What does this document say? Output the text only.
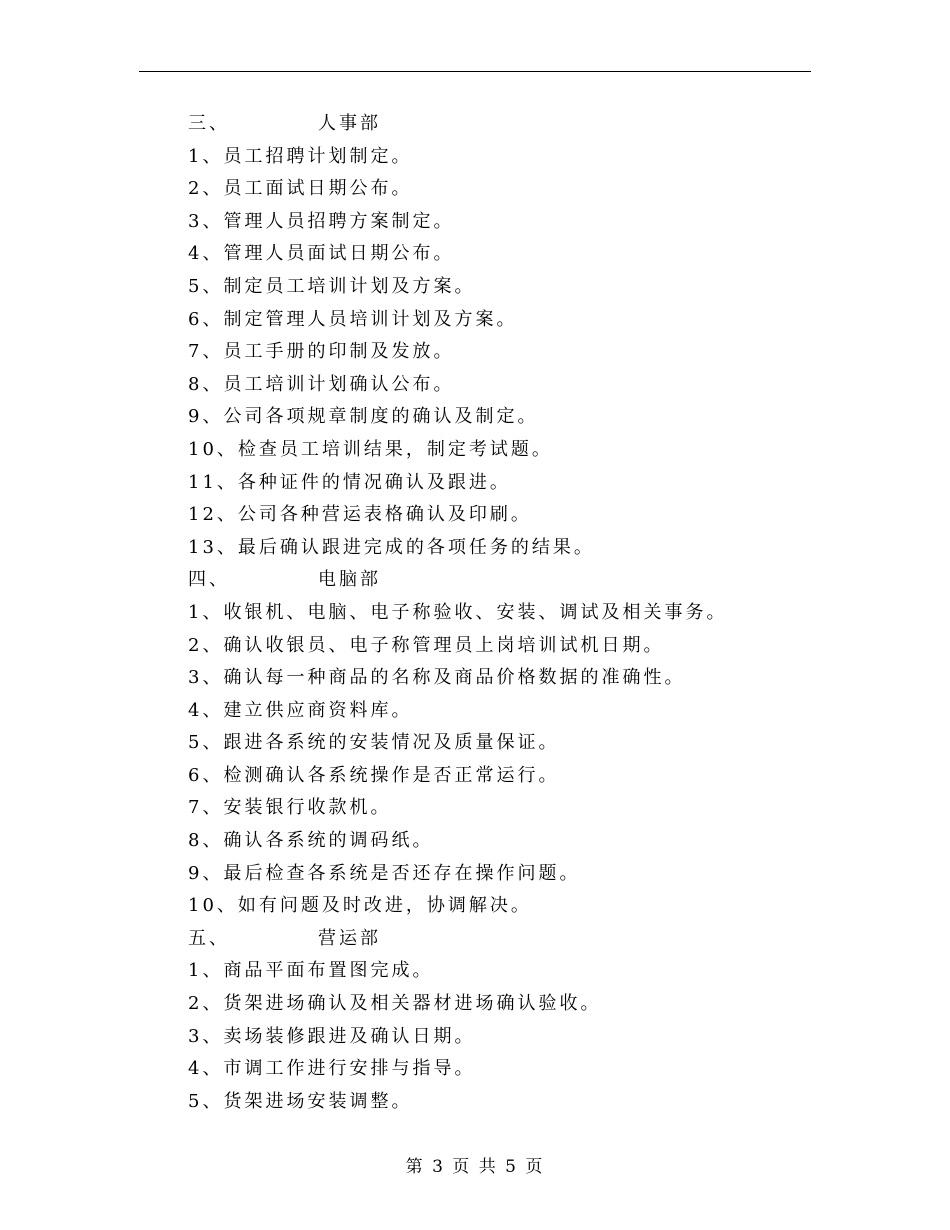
三、	人事部
1、员工招聘计划制定。
2、员工面试日期公布。
3、管理人员招聘方案制定。
4、管理人员面试日期公布。
5、制定员工培训计划及方案。
6、制定管理人员培训计划及方案。
7、员工手册的印制及发放。
8、员工培训计划确认公布。
9、公司各项规章制度的确认及制定。
10、检查员工培训结果，制定考试题。
11、各种证件的情况确认及跟进。
12、公司各种营运表格确认及印刷。
13、最后确认跟进完成的各项任务的结果。
四、	电脑部
1、收银机、电脑、电子称验收、安装、调试及相关事务。
2、确认收银员、电子称管理员上岗培训试机日期。
3、确认每一种商品的名称及商品价格数据的准确性。
4、建立供应商资料库。
5、跟进各系统的安装情况及质量保证。
6、检测确认各系统操作是否正常运行。
7、安装银行收款机。
8、确认各系统的调码纸。
9、最后检查各系统是否还存在操作问题。
10、如有问题及时改进，协调解决。
五、	营运部
1、商品平面布置图完成。
2、货架进场确认及相关器材进场确认验收。
3、卖场装修跟进及确认日期。
4、市调工作进行安排与指导。
5、货架进场安装调整。
第 3 页 共 5 页
